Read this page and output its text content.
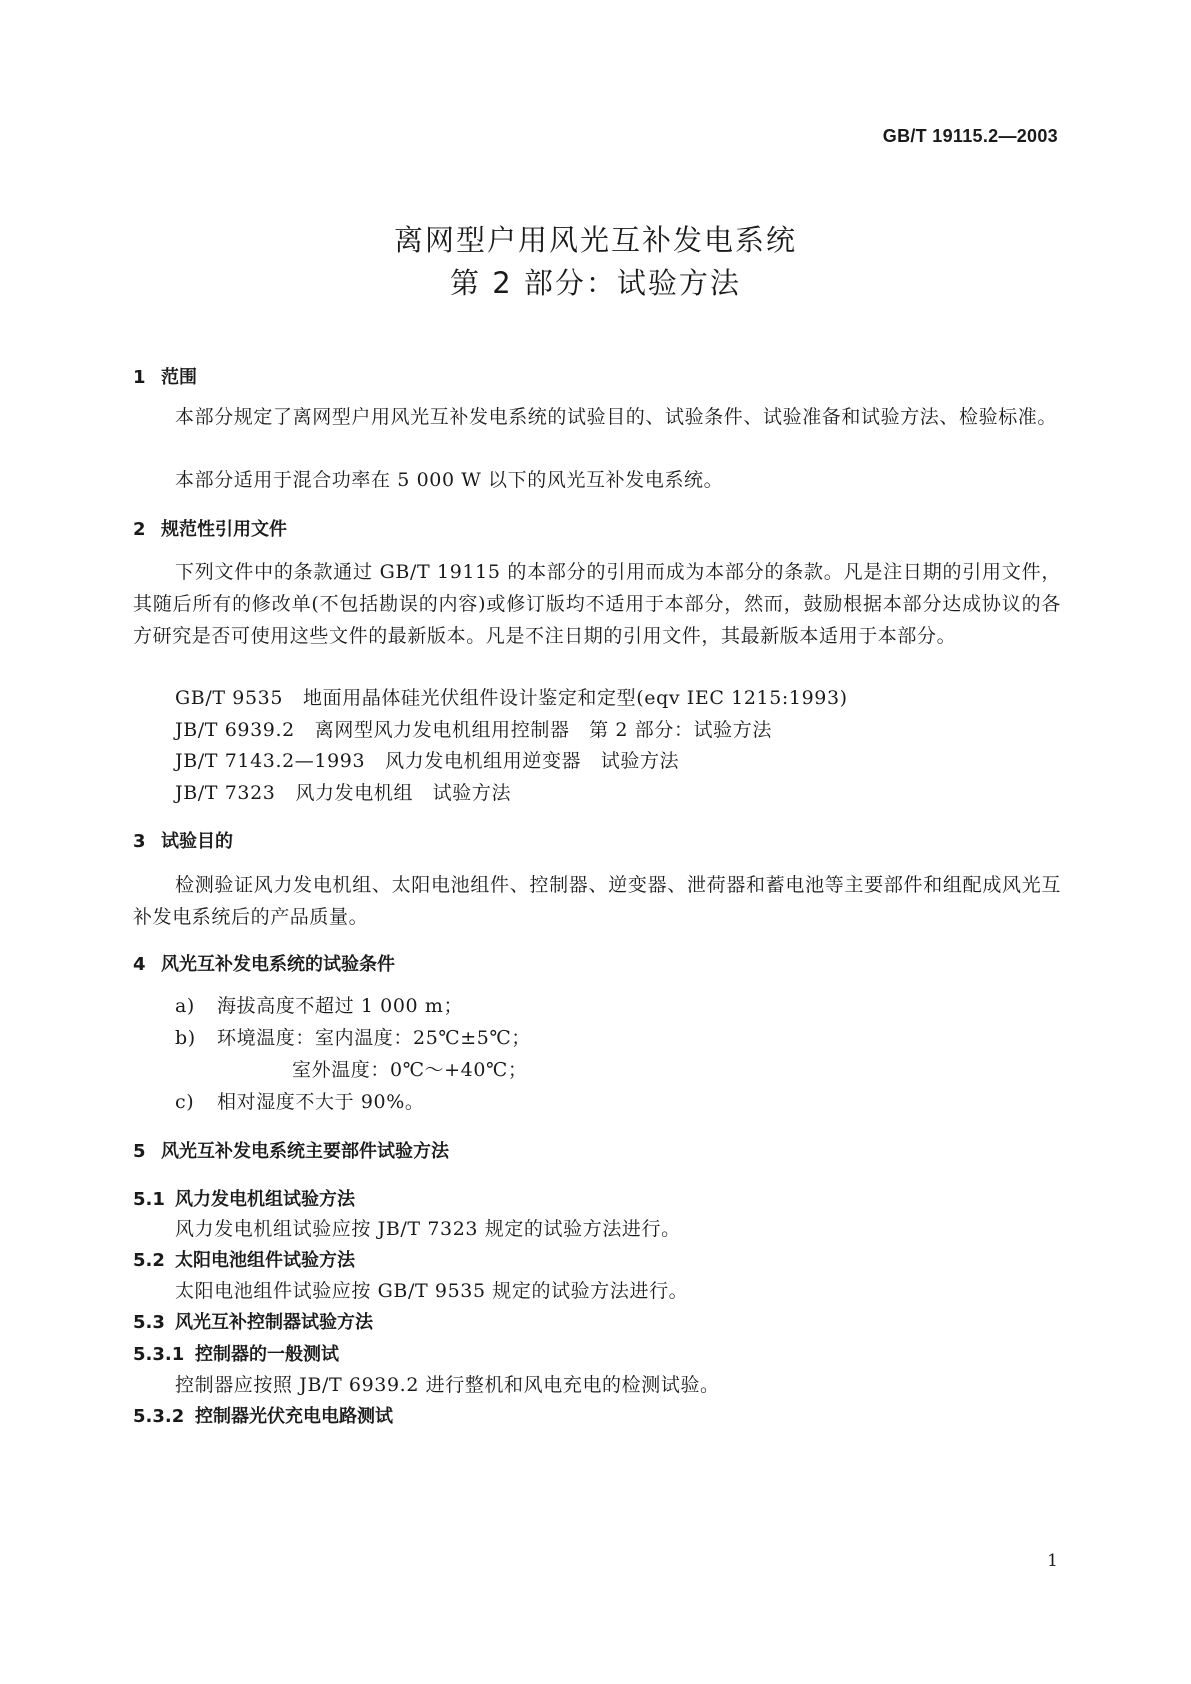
GB/T 19115.2—2003
离网型户用风光互补发电系统
第 2 部分：试验方法
1 范围
本部分规定了离网型户用风光互补发电系统的试验目的、试验条件、试验准备和试验方法、检验标准。
本部分适用于混合功率在 5 000 W 以下的风光互补发电系统。
2 规范性引用文件
下列文件中的条款通过 GB/T 19115 的本部分的引用而成为本部分的条款。凡是注日期的引用文件，其随后所有的修改单(不包括勘误的内容)或修订版均不适用于本部分，然而，鼓励根据本部分达成协议的各方研究是否可使用这些文件的最新版本。凡是不注日期的引用文件，其最新版本适用于本部分。
GB/T 9535 地面用晶体硅光伏组件设计鉴定和定型(eqv IEC 1215:1993)
JB/T 6939.2 离网型风力发电机组用控制器　第 2 部分：试验方法
JB/T 7143.2—1993 风力发电机组用逆变器　试验方法
JB/T 7323 风力发电机组　试验方法
3 试验目的
检测验证风力发电机组、太阳电池组件、控制器、逆变器、泄荷器和蓄电池等主要部件和组配成风光互补发电系统后的产品质量。
4 风光互补发电系统的试验条件
a) 海拔高度不超过 1 000 m；
b) 环境温度：室内温度：25℃±5℃；
室外温度：0℃～+40℃；
c) 相对湿度不大于 90%。
5 风光互补发电系统主要部件试验方法
5.1 风力发电机组试验方法
风力发电机组试验应按 JB/T 7323 规定的试验方法进行。
5.2 太阳电池组件试验方法
太阳电池组件试验应按 GB/T 9535 规定的试验方法进行。
5.3 风光互补控制器试验方法
5.3.1 控制器的一般测试
控制器应按照 JB/T 6939.2 进行整机和风电充电的检测试验。
5.3.2 控制器光伏充电电路测试
1
